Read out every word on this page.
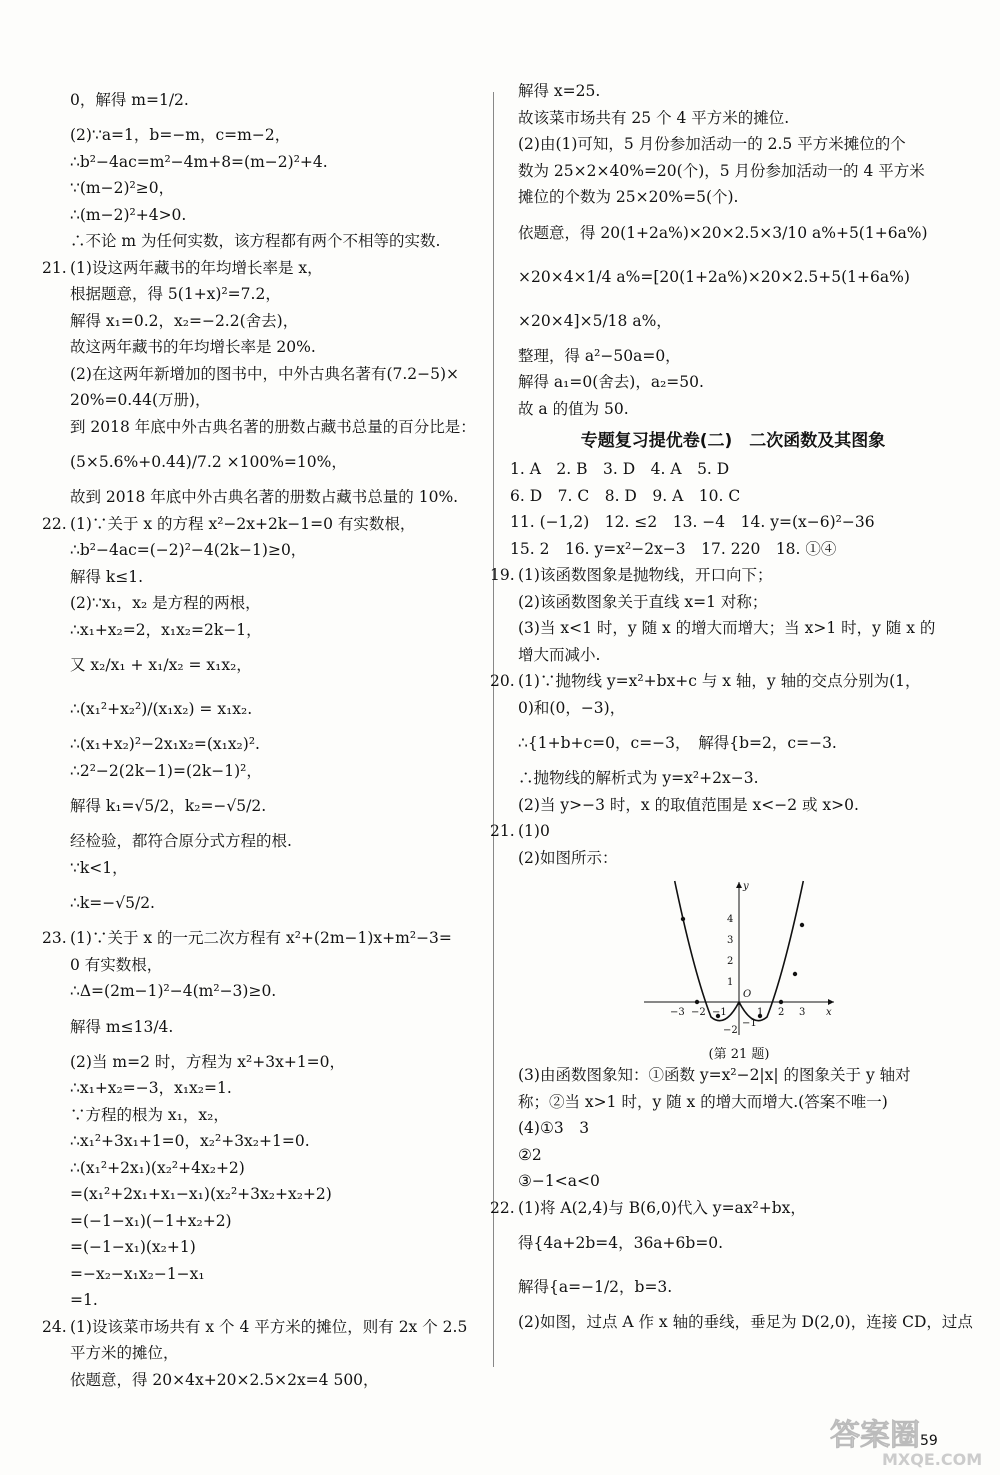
0，解得 m=1/2.
(2)∵a=1，b=−m，c=m−2，
∴b²−4ac=m²−4m+8=(m−2)²+4.
∵(m−2)²≥0，
∴(m−2)²+4>0.
∴不论 m 为任何实数，该方程都有两个不相等的实数.
21. (1)设这两年藏书的年均增长率是 x，
根据题意，得 5(1+x)²=7.2，
解得 x₁=0.2，x₂=−2.2(舍去)，
故这两年藏书的年均增长率是 20%.
(2)在这两年新增加的图书中，中外古典名著有(7.2−5)×
20%=0.44(万册)，
到 2018 年底中外古典名著的册数占藏书总量的百分比是：
(5×5.6%+0.44)/7.2 ×100%=10%，
故到 2018 年底中外古典名著的册数占藏书总量的 10%.
22. (1)∵关于 x 的方程 x²−2x+2k−1=0 有实数根，
∴b²−4ac=(−2)²−4(2k−1)≥0，
解得 k≤1.
(2)∵x₁，x₂ 是方程的两根，
∴x₁+x₂=2，x₁x₂=2k−1，
又 x₂/x₁ + x₁/x₂ = x₁x₂，
∴(x₁²+x₂²)/(x₁x₂) = x₁x₂.
∴(x₁+x₂)²−2x₁x₂=(x₁x₂)².
∴2²−2(2k−1)=(2k−1)²，
解得 k₁=√5/2，k₂=−√5/2.
经检验，都符合原分式方程的根.
∵k<1，
∴k=−√5/2.
23. (1)∵关于 x 的一元二次方程有 x²+(2m−1)x+m²−3=
0 有实数根，
∴Δ=(2m−1)²−4(m²−3)≥0.
解得 m≤13/4.
(2)当 m=2 时，方程为 x²+3x+1=0，
∴x₁+x₂=−3，x₁x₂=1.
∵方程的根为 x₁，x₂，
∴x₁²+3x₁+1=0，x₂²+3x₂+1=0.
∴(x₁²+2x₁)(x₂²+4x₂+2)
=(x₁²+2x₁+x₁−x₁)(x₂²+3x₂+x₂+2)
=(−1−x₁)(−1+x₂+2)
=(−1−x₁)(x₂+1)
=−x₂−x₁x₂−1−x₁
=1.
24. (1)设该菜市场共有 x 个 4 平方米的摊位，则有 2x 个 2.5
平方米的摊位，
依题意，得 20×4x+20×2.5×2x=4 500，
解得 x=25.
故该菜市场共有 25 个 4 平方米的摊位.
(2)由(1)可知，5 月份参加活动一的 2.5 平方米摊位的个
数为 25×2×40%=20(个)，5 月份参加活动一的 4 平方米
摊位的个数为 25×20%=5(个).
依题意，得 20(1+2a%)×20×2.5×3/10 a%+5(1+6a%)
×20×4×1/4 a%=[20(1+2a%)×20×2.5+5(1+6a%)
×20×4]×5/18 a%，
整理，得 a²−50a=0，
解得 a₁=0(舍去)，a₂=50.
故 a 的值为 50.
专题复习提优卷(二)　二次函数及其图象
1. A　2. B　3. D　4. A　5. D
6. D　7. C　8. D　9. A　10. C
11. (−1,2)　12. ≤2　13. −4　14. y=(x−6)²−36
15. 2　16. y=x²−2x−3　17. 220　18. ①④
19. (1)该函数图象是抛物线，开口向下；
(2)该函数图象关于直线 x=1 对称；
(3)当 x<1 时，y 随 x 的增大而增大；当 x>1 时，y 随 x 的
增大而减小.
20. (1)∵抛物线 y=x²+bx+c 与 x 轴，y 轴的交点分别为(1，
0)和(0，−3)，
∴{1+b+c=0，c=−3，　解得{b=2，c=−3.
∴抛物线的解析式为 y=x²+2x−3.
(2)当 y>−3 时，x 的取值范围是 x<−2 或 x>0.
21. (1)0
(2)如图所示：
x
y
O
−3 −2 −1	1 2 3
4
3
2
1
−1
−2
(第 21 题)
(3)由函数图象知：①函数 y=x²−2|x| 的图象关于 y 轴对
称；②当 x>1 时，y 随 x 的增大而增大.(答案不唯一)
(4)①3　3
②2
③−1<a<0
22. (1)将 A(2,4)与 B(6,0)代入 y=ax²+bx，
得{4a+2b=4，36a+6b=0.
解得{a=−1/2，b=3.
(2)如图，过点 A 作 x 轴的垂线，垂足为 D(2,0)，连接 CD，过点
59
答案圈
MXQE.COM
